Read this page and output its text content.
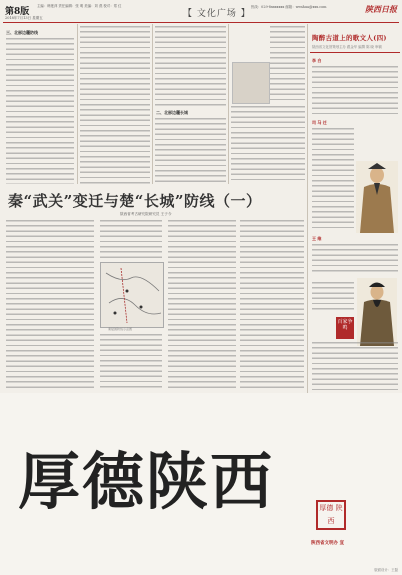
第8版
主编：韩莲萍 责任编辑：张 明 美编：刘 燕 校对：郑 红
2018年7月13日 星期五	【 文化广场 】
热线：029-8xxxxxxx 邮箱：wenhua@xxx.com	陕西日报
三、北部边疆防线
二、北部边疆长城
陶醉古道上的歌文人(四)
陕西省文化馆策划主办 跟金华 编撰 陈 晓 审稿
李 白
司 马 迁
王 维
百家争鸣
秦“武关”变迁与楚“长城”防线（一）
陕西省考古研究院研究员 王子今
秦楚国防线示意图
厚德陕西	厚德 陕西
陕西省文明办 宣
版面设计：王磊
